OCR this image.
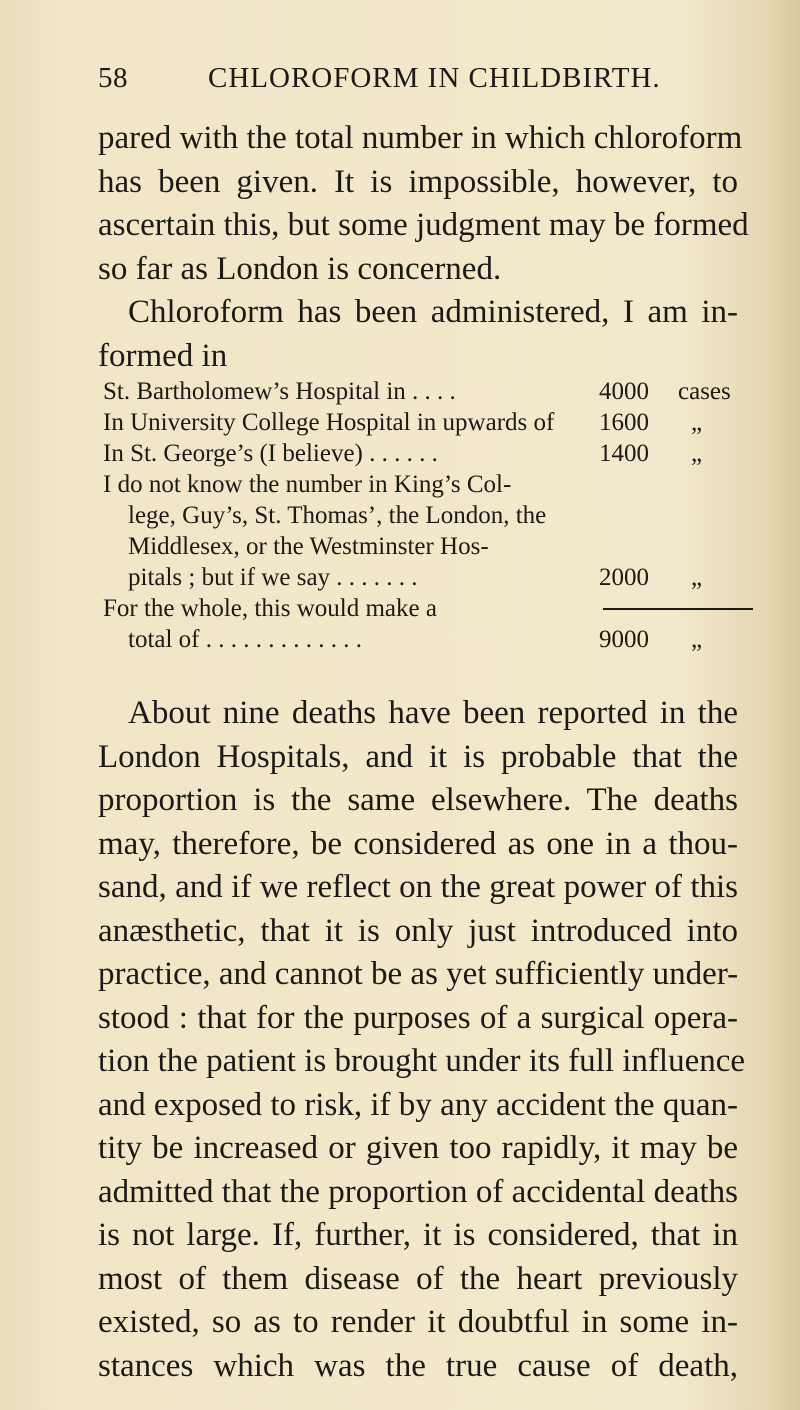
58	CHLOROFORM IN CHILDBIRTH.
pared with the total number in which chloroform
has been given. It is impossible, however, to
ascertain this, but some judgment may be formed
so far as London is concerned.
Chloroform has been administered, I am in-
formed in
St. Bartholomew’s Hospital in . . . .	4000 cases
In University College Hospital in upwards of 1600 „
In St. George’s (I believe) . . . . . .	1400 „
I do not know the number in King’s Col-
lege, Guy’s, St. Thomas’, the London, the
Middlesex, or the Westminster Hos-
pitals ; but if we say . . . . . . .	2000 „
For the whole, this would make a
total of . . . . . . . . . . . . .	9000 „
About nine deaths have been reported in the
London Hospitals, and it is probable that the
proportion is the same elsewhere. The deaths
may, therefore, be considered as one in a thou-
sand, and if we reflect on the great power of this
anæsthetic, that it is only just introduced into
practice, and cannot be as yet sufficiently under-
stood : that for the purposes of a surgical opera-
tion the patient is brought under its full influence
and exposed to risk, if by any accident the quan-
tity be increased or given too rapidly, it may be
admitted that the proportion of accidental deaths
is not large. If, further, it is considered, that in
most of them disease of the heart previously
existed, so as to render it doubtful in some in-
stances which was the true cause of death,
